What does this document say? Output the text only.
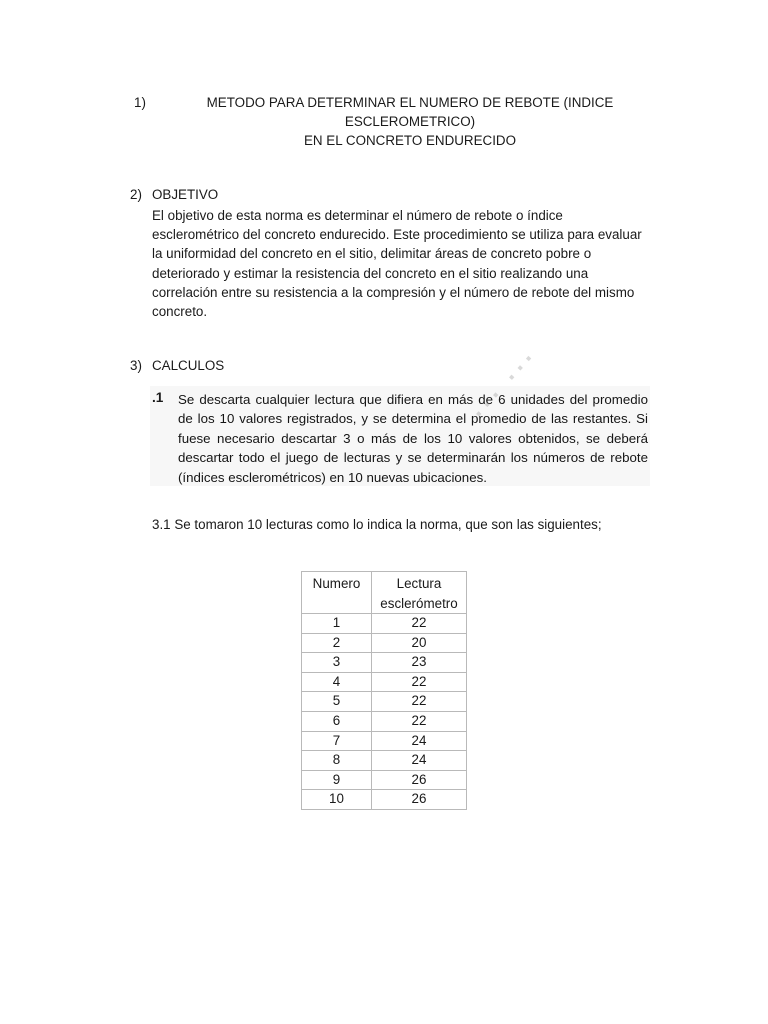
1)	METODO PARA DETERMINAR EL NUMERO DE REBOTE (INDICE ESCLEROMETRICO)
EN EL CONCRETO ENDURECIDO
2) OBJETIVO
El objetivo de esta norma es determinar el número de rebote o índice
esclerométrico del concreto endurecido. Este procedimiento se utiliza para evaluar
la uniformidad del concreto en el sitio, delimitar áreas de concreto pobre o
deteriorado y estimar la resistencia del concreto en el sitio realizando una
correlación entre su resistencia a la compresión y el número de rebote del mismo
concreto.
3) CALCULOS
.1 Se descarta cualquier lectura que difiera en más de 6 unidades del promedio de los 10 valores registrados, y se determina el promedio de las restantes. Si fuese necesario descartar 3 o más de los 10 valores obtenidos, se deberá descartar todo el juego de lecturas y se determinarán los números de rebote (índices esclerométricos) en 10 nuevas ubicaciones.
··· ···
3.1 Se tomaron 10 lecturas como lo indica la norma, que son las siguientes;
Numero	Lectura
esclerómetro
1	22
2	20
3	23
4	22
5	22
6	22
7	24
8	24
9	26
10	26
